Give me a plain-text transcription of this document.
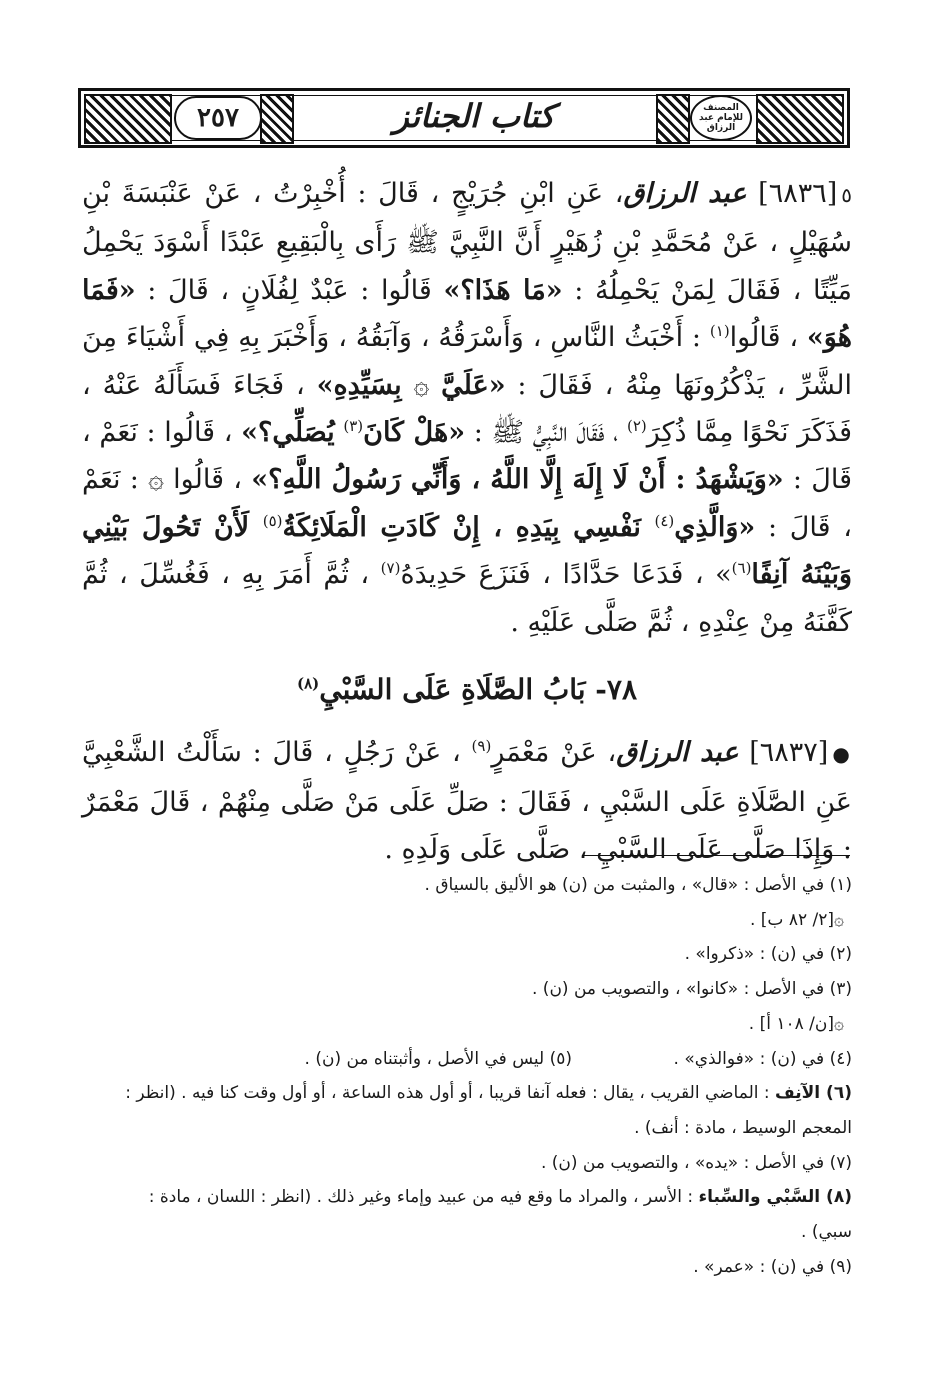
٢٥٧	كتاب الجنائز	المصنف للإمام عبد الرزاق

٥[٦٨٣٦] عبد الرزاق، عَنِ ابْنِ جُرَيْجٍ ، قَالَ : أُخْبِرْتُ ، عَنْ عَنْبَسَةَ بْنِ سُهَيْلٍ ، عَنْ مُحَمَّدِ بْنِ زُهَيْرٍ أَنَّ النَّبِيَّ ﷺ رَأَى بِالْبَقِيعِ عَبْدًا أَسْوَدَ يَحْمِلُ مَيِّتًا ، فَقَالَ لِمَنْ يَحْمِلُهُ : «مَا هَذَا؟» قَالُوا : عَبْدٌ لِفُلَانٍ ، قَالَ : «فَمَا هُوَ» ، قَالُوا$^{(١)}$ : أَخْبَثُ النَّاسِ ، وَأَسْرَقُهُ ، وَآبَقُهُ ، وَأَخْبَرَ بِهِ فِي أَشْيَاءَ مِنَ الشَّرِّ ، يَذْكُرُونَهَا مِنْهُ ، فَقَالَ : «عَلَيَّ ۞ بِسَيِّدِهِ» ، فَجَاءَ فَسَأَلَهُ عَنْهُ ، فَذَكَرَ نَحْوًا مِمَّا ذُكِرَ$^{(٢)}$ ، فَقَالَ النَّبِيُّ ﷺ : «هَلْ كَانَ$^{(٣)}$ يُصَلِّي؟» ، قَالُوا : نَعَمْ ، قَالَ : «وَيَشْهَدُ : أَنْ لَا إِلَهَ إِلَّا اللَّهُ ، وَأَنِّي رَسُولُ اللَّهِ؟» ، قَالُوا ۞ : نَعَمْ ، قَالَ : «وَالَّذِي$^{(٤)}$ نَفْسِي بِيَدِهِ ، إِنْ كَادَتِ الْمَلَائِكَةُ$^{(٥)}$ لَأَنْ تَحُولَ بَيْنِي وَبَيْنَهُ آنِفًا$^{(٦)}$» ، فَدَعَا حَدَّادًا ، فَنَزَعَ حَدِيدَهُ$^{(٧)}$ ، ثُمَّ أَمَرَ بِهِ ، فَغُسِّلَ ، ثُمَّ كَفَّنَهُ مِنْ عِنْدِهِ ، ثُمَّ صَلَّى عَلَيْهِ .

٧٨- بَابُ الصَّلَاةِ عَلَى السَّبْيِ$^{(٨)}$

●[٦٨٣٧] عبد الرزاق، عَنْ مَعْمَرٍ$^{(٩)}$ ، عَنْ رَجُلٍ ، قَالَ : سَأَلْتُ الشَّعْبِيَّ عَنِ الصَّلَاةِ عَلَى السَّبْيِ ، فَقَالَ : صَلِّ عَلَى مَنْ صَلَّى مِنْهُمْ ، قَالَ مَعْمَرٌ : وَإِذَا صَلَّى عَلَى السَّبْيِ ، صَلَّى عَلَى وَلَدِهِ .

(١) في الأصل : «قال» ، والمثبت من (ن) هو الأليق بالسياق .

۞[٢/ ٨٢ ب] .

(٢) في (ن) : «ذكروا» .

(٣) في الأصل : «كانوا» ، والتصويب من (ن) .

۞[ن/ ١٠٨ أ] .

(٤) في (ن) : «فوالذي» .

(٥) ليس في الأصل ، وأثبتناه من (ن) .

(٦) الآنِف : الماضي القريب ، يقال : فعله آنفا قريبا ، أو أول هذه الساعة ، أو أول وقت كنا فيه . (انظر :

المعجم الوسيط ، مادة : أنف) .

(٧) في الأصل : «يده» ، والتصويب من (ن) .

(٨) السَّبْي والسِّباء : الأسر ، والمراد ما وقع فيه من عبيد وإماء وغير ذلك . (انظر : اللسان ، مادة :

سبي) .

(٩) في (ن) : «عمر» .
